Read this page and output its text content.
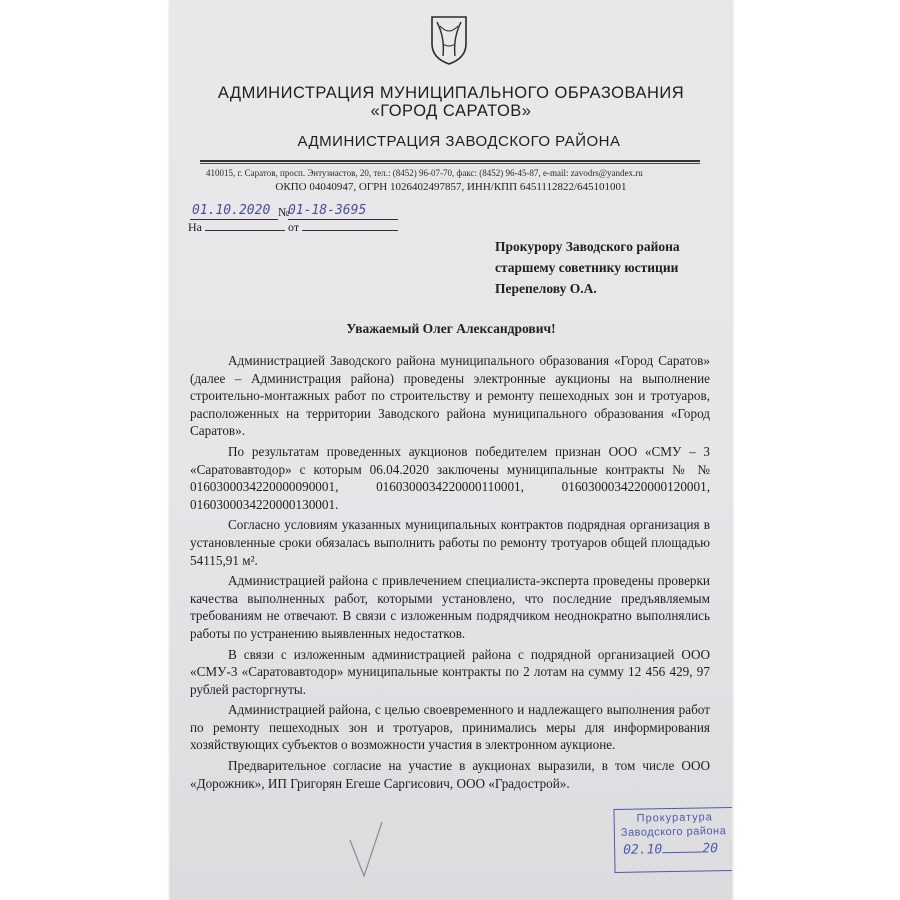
АДМИНИСТРАЦИЯ МУНИЦИПАЛЬНОГО ОБРАЗОВАНИЯ
«ГОРОД САРАТОВ»
АДМИНИСТРАЦИЯ ЗАВОДСКОГО РАЙОНА
410015, г. Саратов, просп. Энтузиастов, 20, тел.: (8452) 96-07-70, факс: (8452) 96-45-87, e-mail: zavodrs@yandex.ru
ОКПО 04040947, ОГРН 1026402497857, ИНН/КПП 6451112822/645101001
01.10.2020 №
01-18-3695
На	от
Прокурору Заводского района
старшему советнику юстиции
Перепелову О.А.
Уважаемый Олег Александрович!

Администрацией Заводского района муниципального образования «Город Саратов» (далее – Администрация района) проведены электронные аукционы на выполнение строительно-монтажных работ по строительству и ремонту пешеходных зон и тротуаров, расположенных на территории Заводского района муниципального образования «Город Саратов».

По результатам проведенных аукционов победителем признан ООО «СМУ – 3 «Саратовавтодор» с которым 06.04.2020 заключены муниципальные контракты № № 0160300034220000090001, 0160300034220000110001, 0160300034220000120001, 0160300034220000130001.

Согласно условиям указанных муниципальных контрактов подрядная организация в установленные сроки обязалась выполнить работы по ремонту тротуаров общей площадью 54115,91 м².

Администрацией района с привлечением специалиста-эксперта проведены проверки качества выполненных работ, которыми установлено, что последние предъявляемым требованиям не отвечают. В связи с изложенным подрядчиком неоднократно выполнялись работы по устранению выявленных недостатков.

В связи с изложенным администрацией района с подрядной организацией ООО «СМУ-3 «Саратовавтодор» муниципальные контракты по 2 лотам на сумму 12 456 429, 97 рублей расторгнуты.

Администрацией района, с целью своевременного и надлежащего выполнения работ по ремонту пешеходных зон и тротуаров, принимались меры для информирования хозяйствующих субъектов о возможности участия в электронном аукционе.

Предварительное согласие на участие в аукционах выразили, в том числе ООО «Дорожник», ИП Григорян Егеше Саргисович, ООО «Градострой».

Прокуратура
Заводского района
02.10	20
